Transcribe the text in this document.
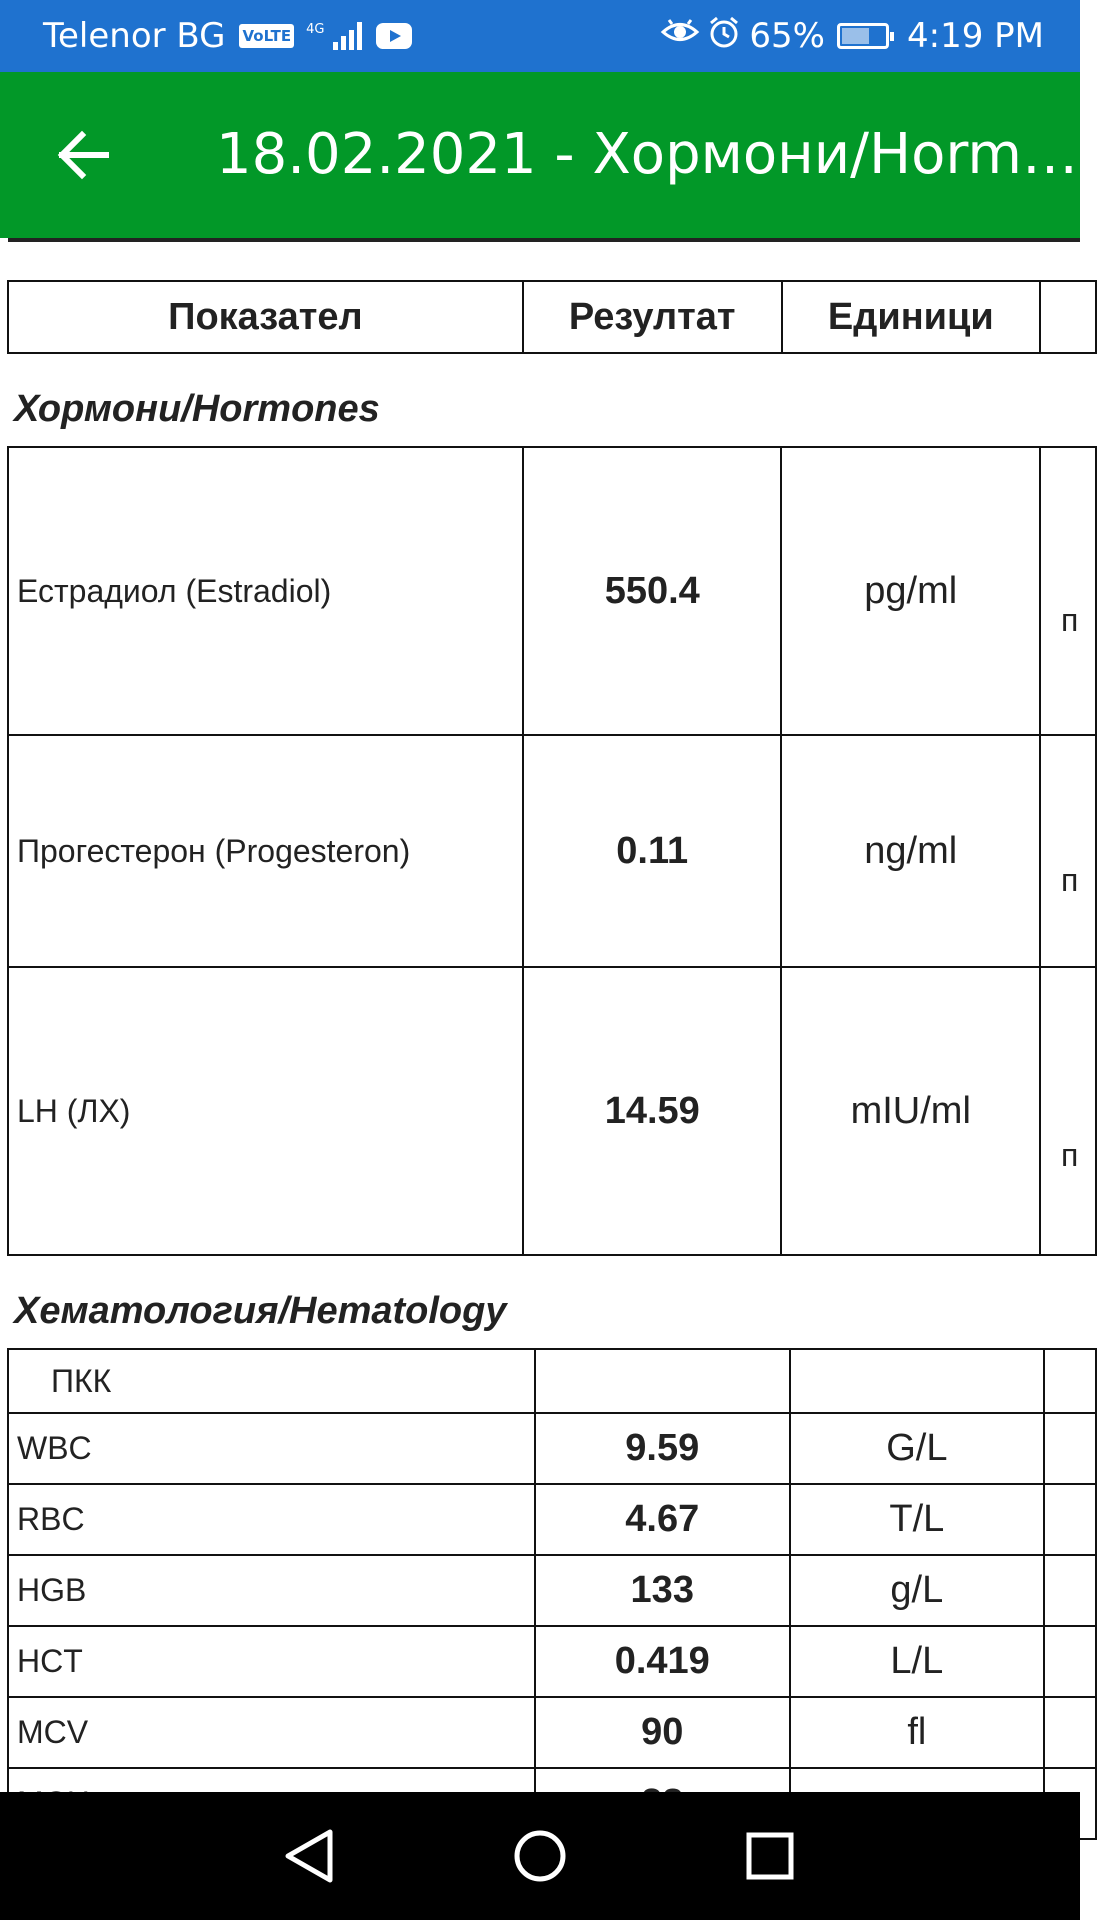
Telenor BG VoLTE 4G	65% 4:19 PM
18.02.2021 - Хормони/Horm…
Показател	Резултат	Единици	
Хормони/Hormones
Естрадиол (Estradiol)	550.4	pg/ml	п
Прогестерон (Progesteron)	0.11	ng/ml	п
LH (ЛХ)	14.59	mIU/ml	п
Хематология/Hematology
ПКК			
WBC	9.59	G/L	
RBC	4.67	T/L	
HGB	133	g/L	
HCT	0.419	L/L	
MCV	90	fl	
